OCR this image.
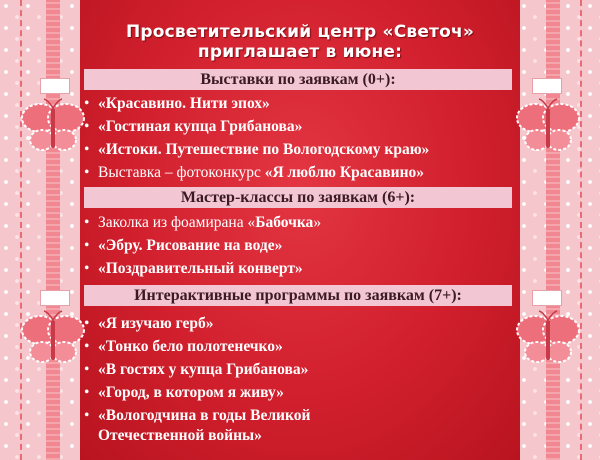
Просветительский центр «Светоч»
приглашает в июне:
Выставки по заявкам (0+):
• «Красавино. Нити эпох»
• «Гостиная купца Грибанова»
• «Истоки. Путешествие по Вологодскому краю»
• Выставка – фотоконкурс «Я люблю Красавино»
Мастер-классы по заявкам (6+):
• Заколка из фоамирана «Бабочка»
• «Эбру. Рисование на воде»
• «Поздравительный конверт»
Интерактивные программы по заявкам (7+):
• «Я изучаю герб»
• «Тонко бело полотенечко»
• «В гостях у купца Грибанова»
• «Город, в котором я живу»
• «Вологодчина в годы Великой
Отечественной войны»
